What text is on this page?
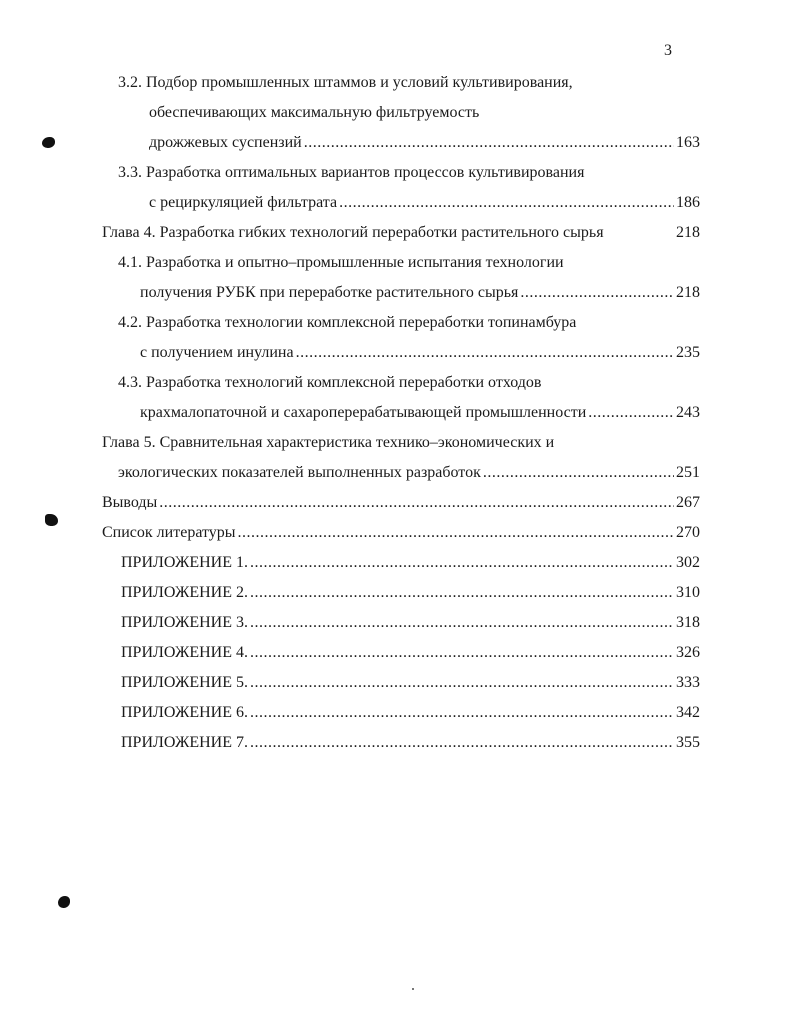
3
3.2. Подбор промышленных штаммов и условий культивирования,
обеспечивающих максимальную фильтруемость
дрожжевых суспензий .....	163
3.3. Разработка оптимальных вариантов процессов культивирования
с рециркуляцией фильтрата .....	186
Глава 4. Разработка гибких технологий переработки растительного сырья	218
4.1. Разработка и опытно–промышленные испытания технологии
получения РУБК при переработке растительного сырья .....	218
4.2. Разработка технологии комплексной переработки топинамбура
с получением инулина .....	235
4.3. Разработка технологий комплексной переработки отходов
крахмалопаточной и сахароперерабатывающей промышленности .....	243
Глава 5. Сравнительная характеристика технико–экономических и
экологических показателей выполненных разработок .....	251
Выводы .....	267
Список литературы .....	270
ПРИЛОЖЕНИЕ 1. .....	302
ПРИЛОЖЕНИЕ 2. .....	310
ПРИЛОЖЕНИЕ 3. .....	318
ПРИЛОЖЕНИЕ 4. .....	326
ПРИЛОЖЕНИЕ 5. .....	333
ПРИЛОЖЕНИЕ 6. .....	342
ПРИЛОЖЕНИЕ 7. .....	355
